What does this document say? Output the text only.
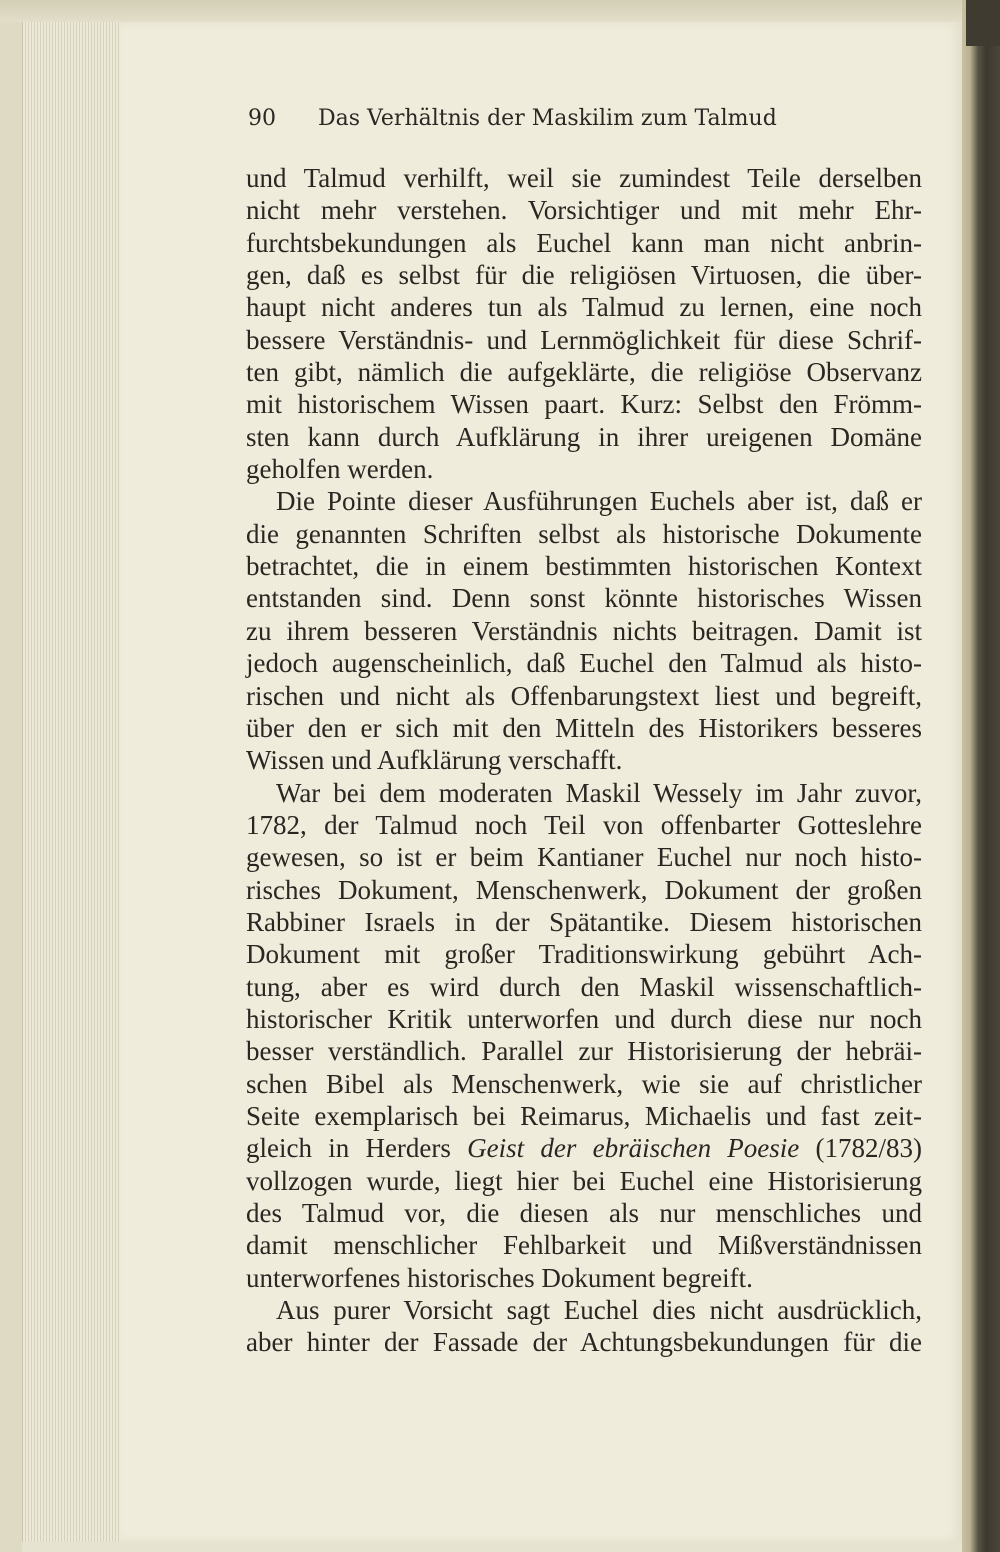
90 Das Verhältnis der Maskilim zum Talmud

und Talmud verhilft, weil sie zumindest Teile derselben

nicht mehr verstehen. Vorsichtiger und mit mehr Ehr-

furchtsbekundungen als Euchel kann man nicht anbrin-

gen, daß es selbst für die religiösen Virtuosen, die über-

haupt nicht anderes tun als Talmud zu lernen, eine noch

bessere Verständnis- und Lernmöglichkeit für diese Schrif-

ten gibt, nämlich die aufgeklärte, die religiöse Observanz

mit historischem Wissen paart. Kurz: Selbst den Frömm-

sten kann durch Aufklärung in ihrer ureigenen Domäne

geholfen werden.

Die Pointe dieser Ausführungen Euchels aber ist, daß er

die genannten Schriften selbst als historische Dokumente

betrachtet, die in einem bestimmten historischen Kontext

entstanden sind. Denn sonst könnte historisches Wissen

zu ihrem besseren Verständnis nichts beitragen. Damit ist

jedoch augenscheinlich, daß Euchel den Talmud als histo-

rischen und nicht als Offenbarungstext liest und begreift,

über den er sich mit den Mitteln des Historikers besseres

Wissen und Aufklärung verschafft.

War bei dem moderaten Maskil Wessely im Jahr zuvor,

1782, der Talmud noch Teil von offenbarter Gotteslehre

gewesen, so ist er beim Kantianer Euchel nur noch histo-

risches Dokument, Menschenwerk, Dokument der großen

Rabbiner Israels in der Spätantike. Diesem historischen

Dokument mit großer Traditionswirkung gebührt Ach-

tung, aber es wird durch den Maskil wissenschaftlich-

historischer Kritik unterworfen und durch diese nur noch

besser verständlich. Parallel zur Historisierung der hebräi-

schen Bibel als Menschenwerk, wie sie auf christlicher

Seite exemplarisch bei Reimarus, Michaelis und fast zeit-

gleich in Herders Geist der ebräischen Poesie (1782/83)

vollzogen wurde, liegt hier bei Euchel eine Historisierung

des Talmud vor, die diesen als nur menschliches und

damit menschlicher Fehlbarkeit und Mißverständnissen

unterworfenes historisches Dokument begreift.

Aus purer Vorsicht sagt Euchel dies nicht ausdrücklich,

aber hinter der Fassade der Achtungsbekundungen für die
